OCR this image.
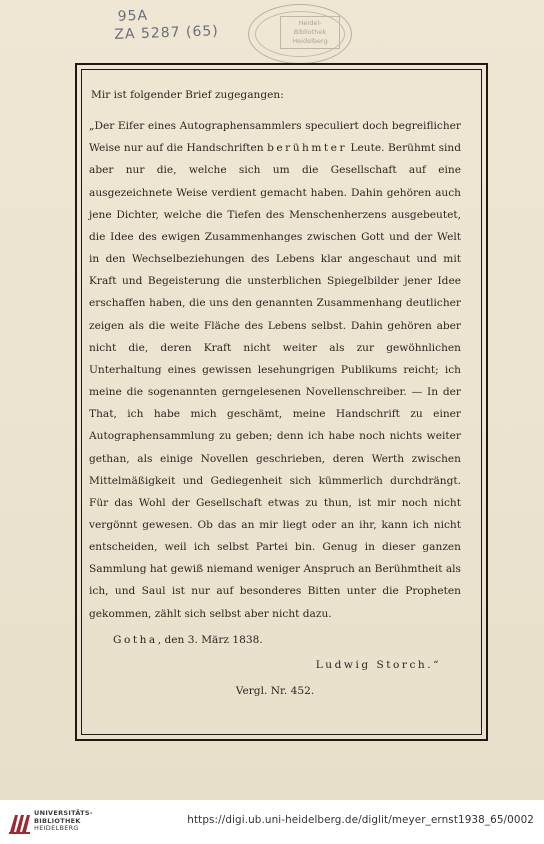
95A
ZA 5287 (65)
Heidel-
Bibliothek
Heidelberg

Mir ist folgender Brief zugegangen:

„Der Eifer eines Autographensammlers speculiert doch begreiflicher Weise nur auf die Handschriften berühmter Leute. Berühmt sind aber nur die, welche sich um die Gesellschaft auf eine ausgezeichnete Weise verdient gemacht haben. Dahin gehören auch jene Dichter, welche die Tiefen des Menschenherzens ausgebeutet, die Idee des ewigen Zusammenhanges zwischen Gott und der Welt in den Wechselbeziehungen des Lebens klar angeschaut und mit Kraft und Begeisterung die unsterblichen Spiegelbilder jener Idee erschaffen haben, die uns den genannten Zusammenhang deutlicher zeigen als die weite Fläche des Lebens selbst. Dahin gehören aber nicht die, deren Kraft nicht weiter als zur gewöhnlichen Unterhaltung eines gewissen lesehungrigen Publikums reicht; ich meine die sogenannten gerngelesenen Novellenschreiber. — In der That, ich habe mich geschämt, meine Handschrift zu einer Autographensammlung zu geben; denn ich habe noch nichts weiter gethan, als einige Novellen geschrieben, deren Werth zwischen Mittelmäßigkeit und Gediegenheit sich kümmerlich durchdrängt. Für das Wohl der Gesellschaft etwas zu thun, ist mir noch nicht vergönnt gewesen. Ob das an mir liegt oder an ihr, kann ich nicht entscheiden, weil ich selbst Partei bin. Genug in dieser ganzen Sammlung hat gewiß niemand weniger Anspruch an Berühmtheit als ich, und Saul ist nur auf besonderes Bitten unter die Propheten gekommen, zählt sich selbst aber nicht dazu.

Gotha, den 3. März 1838.

Ludwig Storch.“

Vergl. Nr. 452.

UNIVERSITÄTS-
BIBLIOTHEK
HEIDELBERG
https://digi.ub.uni-heidelberg.de/diglit/meyer_ernst1938_65/0002
